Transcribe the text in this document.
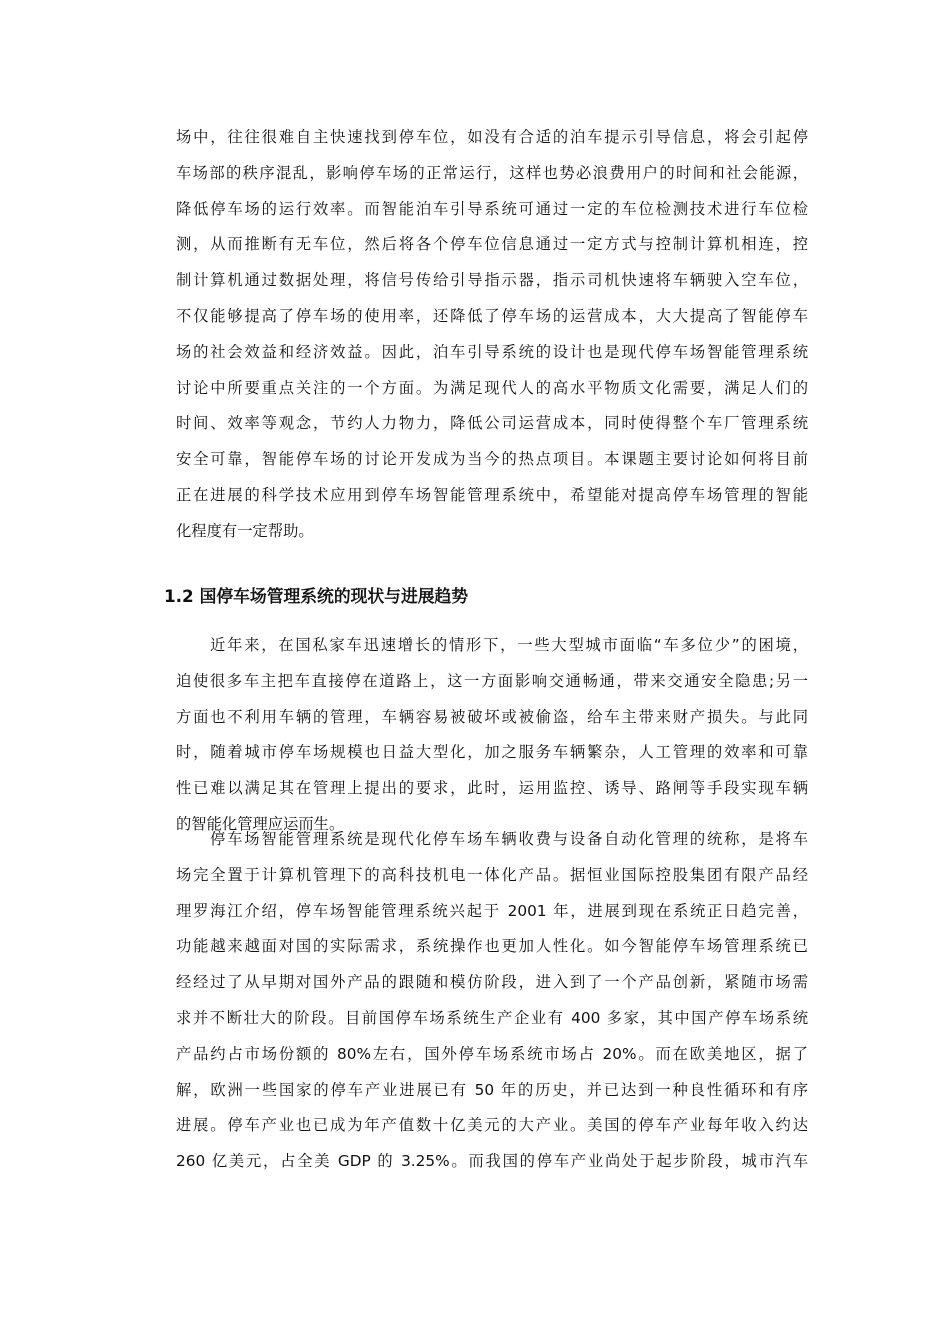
场中，往往很难自主快速找到停车位，如没有合适的泊车提示引导信息，将会引起停
车场部的秩序混乱，影响停车场的正常运行，这样也势必浪费用户的时间和社会能源，
降低停车场的运行效率。而智能泊车引导系统可通过一定的车位检测技术进行车位检
测，从而推断有无车位，然后将各个停车位信息通过一定方式与控制计算机相连，控
制计算机通过数据处理，将信号传给引导指示器，指示司机快速将车辆驶入空车位，
不仅能够提高了停车场的使用率，还降低了停车场的运营成本，大大提高了智能停车
场的社会效益和经济效益。因此，泊车引导系统的设计也是现代停车场智能管理系统
讨论中所要重点关注的一个方面。为满足现代人的高水平物质文化需要，满足人们的
时间、效率等观念，节约人力物力，降低公司运营成本，同时使得整个车厂管理系统
安全可靠，智能停车场的讨论开发成为当今的热点项目。本课题主要讨论如何将目前
正在进展的科学技术应用到停车场智能管理系统中，希望能对提高停车场管理的智能
化程度有一定帮助。
1.2 国停车场管理系统的现状与进展趋势
近年来，在国私家车迅速增长的情形下，一些大型城市面临“车多位少”的困境，
迫使很多车主把车直接停在道路上，这一方面影响交通畅通，带来交通安全隐患;另一
方面也不利用车辆的管理，车辆容易被破坏或被偷盗，给车主带来财产损失。与此同
时，随着城市停车场规模也日益大型化，加之服务车辆繁杂，人工管理的效率和可靠
性已难以满足其在管理上提出的要求，此时，运用监控、诱导、路闸等手段实现车辆
的智能化管理应运而生。
停车场智能管理系统是现代化停车场车辆收费与设备自动化管理的统称，是将车
场完全置于计算机管理下的高科技机电一体化产品。据恒业国际控股集团有限产品经
理罗海江介绍，停车场智能管理系统兴起于 2001 年，进展到现在系统正日趋完善，
功能越来越面对国的实际需求，系统操作也更加人性化。如今智能停车场管理系统已
经经过了从早期对国外产品的跟随和模仿阶段，进入到了一个产品创新，紧随市场需
求并不断壮大的阶段。目前国停车场系统生产企业有 400 多家，其中国产停车场系统
产品约占市场份额的 80%左右，国外停车场系统市场占 20%。而在欧美地区，据了
解，欧洲一些国家的停车产业进展已有 50 年的历史，并已达到一种良性循环和有序
进展。停车产业也已成为年产值数十亿美元的大产业。美国的停车产业每年收入约达
260 亿美元，占全美 GDP 的 3.25%。而我国的停车产业尚处于起步阶段，城市汽车
